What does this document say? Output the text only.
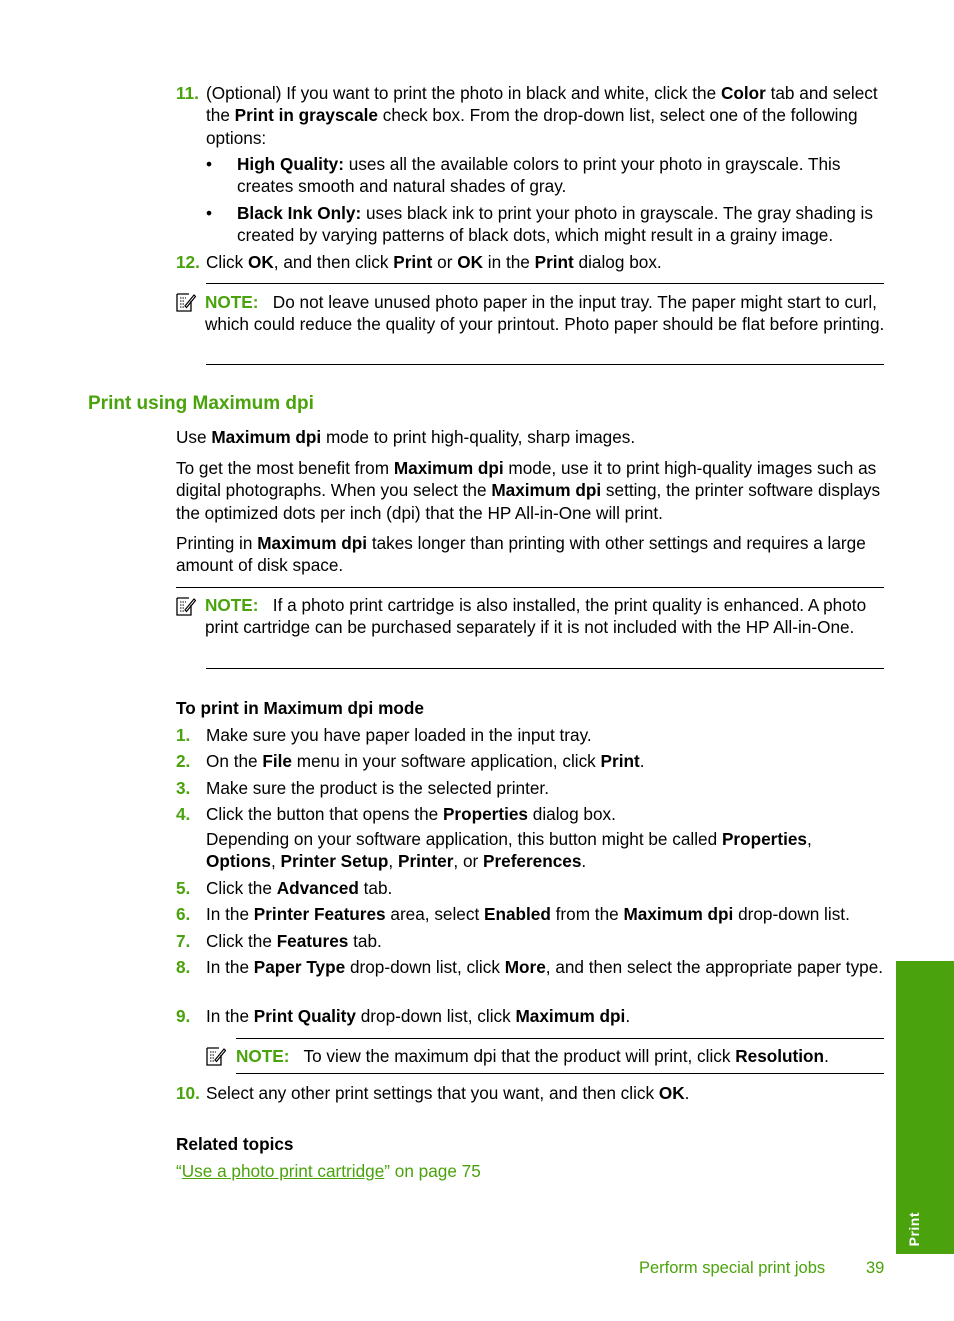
11. (Optional) If you want to print the photo in black and white, click the Color tab and select the Print in grayscale check box. From the drop-down list, select one of the following options:
• High Quality: uses all the available colors to print your photo in grayscale. This creates smooth and natural shades of gray.
• Black Ink Only: uses black ink to print your photo in grayscale. The gray shading is created by varying patterns of black dots, which might result in a grainy image.
12. Click OK, and then click Print or OK in the Print dialog box.
NOTE: Do not leave unused photo paper in the input tray. The paper might start to curl, which could reduce the quality of your printout. Photo paper should be flat before printing.
Print using Maximum dpi
Use Maximum dpi mode to print high-quality, sharp images.
To get the most benefit from Maximum dpi mode, use it to print high-quality images such as digital photographs. When you select the Maximum dpi setting, the printer software displays the optimized dots per inch (dpi) that the HP All-in-One will print.
Printing in Maximum dpi takes longer than printing with other settings and requires a large amount of disk space.
NOTE: If a photo print cartridge is also installed, the print quality is enhanced. A photo print cartridge can be purchased separately if it is not included with the HP All-in-One.
To print in Maximum dpi mode
1. Make sure you have paper loaded in the input tray.
2. On the File menu in your software application, click Print.
3. Make sure the product is the selected printer.
4. Click the button that opens the Properties dialog box.
Depending on your software application, this button might be called Properties, Options, Printer Setup, Printer, or Preferences.
5. Click the Advanced tab.
6. In the Printer Features area, select Enabled from the Maximum dpi drop-down list.
7. Click the Features tab.
8. In the Paper Type drop-down list, click More, and then select the appropriate paper type.
9. In the Print Quality drop-down list, click Maximum dpi.
NOTE: To view the maximum dpi that the product will print, click Resolution.
10. Select any other print settings that you want, and then click OK.
Related topics
“Use a photo print cartridge” on page 75
Print
Perform special print jobs 39
